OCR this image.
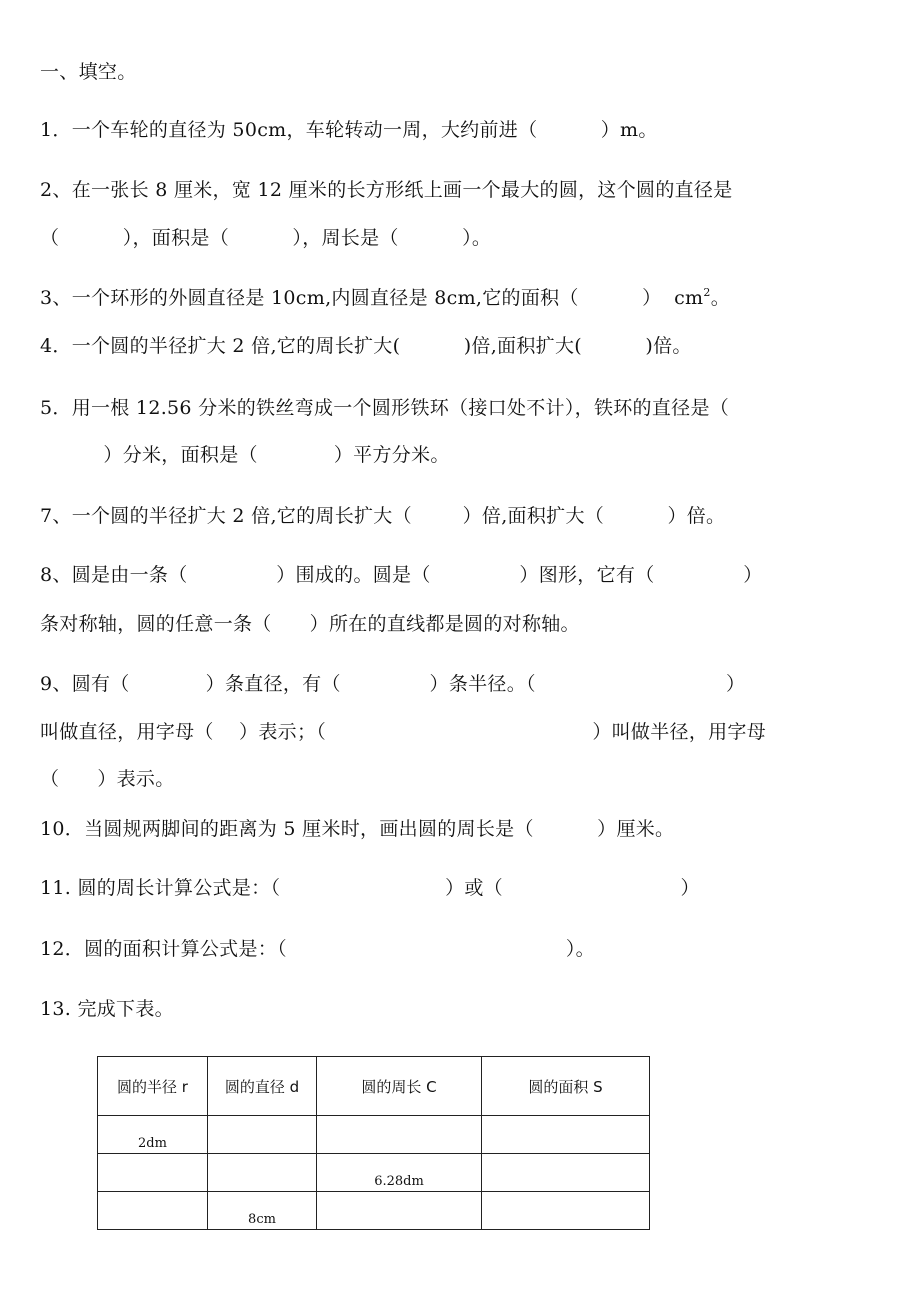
一、填空。
1．一个车轮的直径为 50cm，车轮转动一周，大约前进（          ）m。
2、在一张长 8 厘米，宽 12 厘米的长方形纸上画一个最大的圆，这个圆的直径是
（          ），面积是（          ），周长是（          ）。
3、一个环形的外圆直径是 10cm,内圆直径是 8cm,它的面积（          ）  $cm^2$。
4．一个圆的半径扩大 2 倍,它的周长扩大(          )倍,面积扩大(          )倍。
5．用一根 12.56 分米的铁丝弯成一个圆形铁环（接口处不计），铁环的直径是（
）分米，面积是（            ）平方分米。
7、一个圆的半径扩大 2 倍,它的周长扩大（        ）倍,面积扩大（          ）倍。
8、圆是由一条（              ）围成的。圆是（              ）图形，它有（              ）
条对称轴，圆的任意一条（      ）所在的直线都是圆的对称轴。
9、圆有（            ）条直径，有（              ）条半径。（                              ）
叫做直径，用字母（    ）表示；（                                          ）叫做半径，用字母
（      ）表示。
10．当圆规两脚间的距离为 5 厘米时，画出圆的周长是（          ）厘米。
11. 圆的周长计算公式是：（                          ）或（                            ）
12．圆的面积计算公式是：（                                            ）。
13. 完成下表。
圆的半径 r	圆的直径 d	圆的周长 C	圆的面积 S
2dm			
		6.28dm	
	8cm		
